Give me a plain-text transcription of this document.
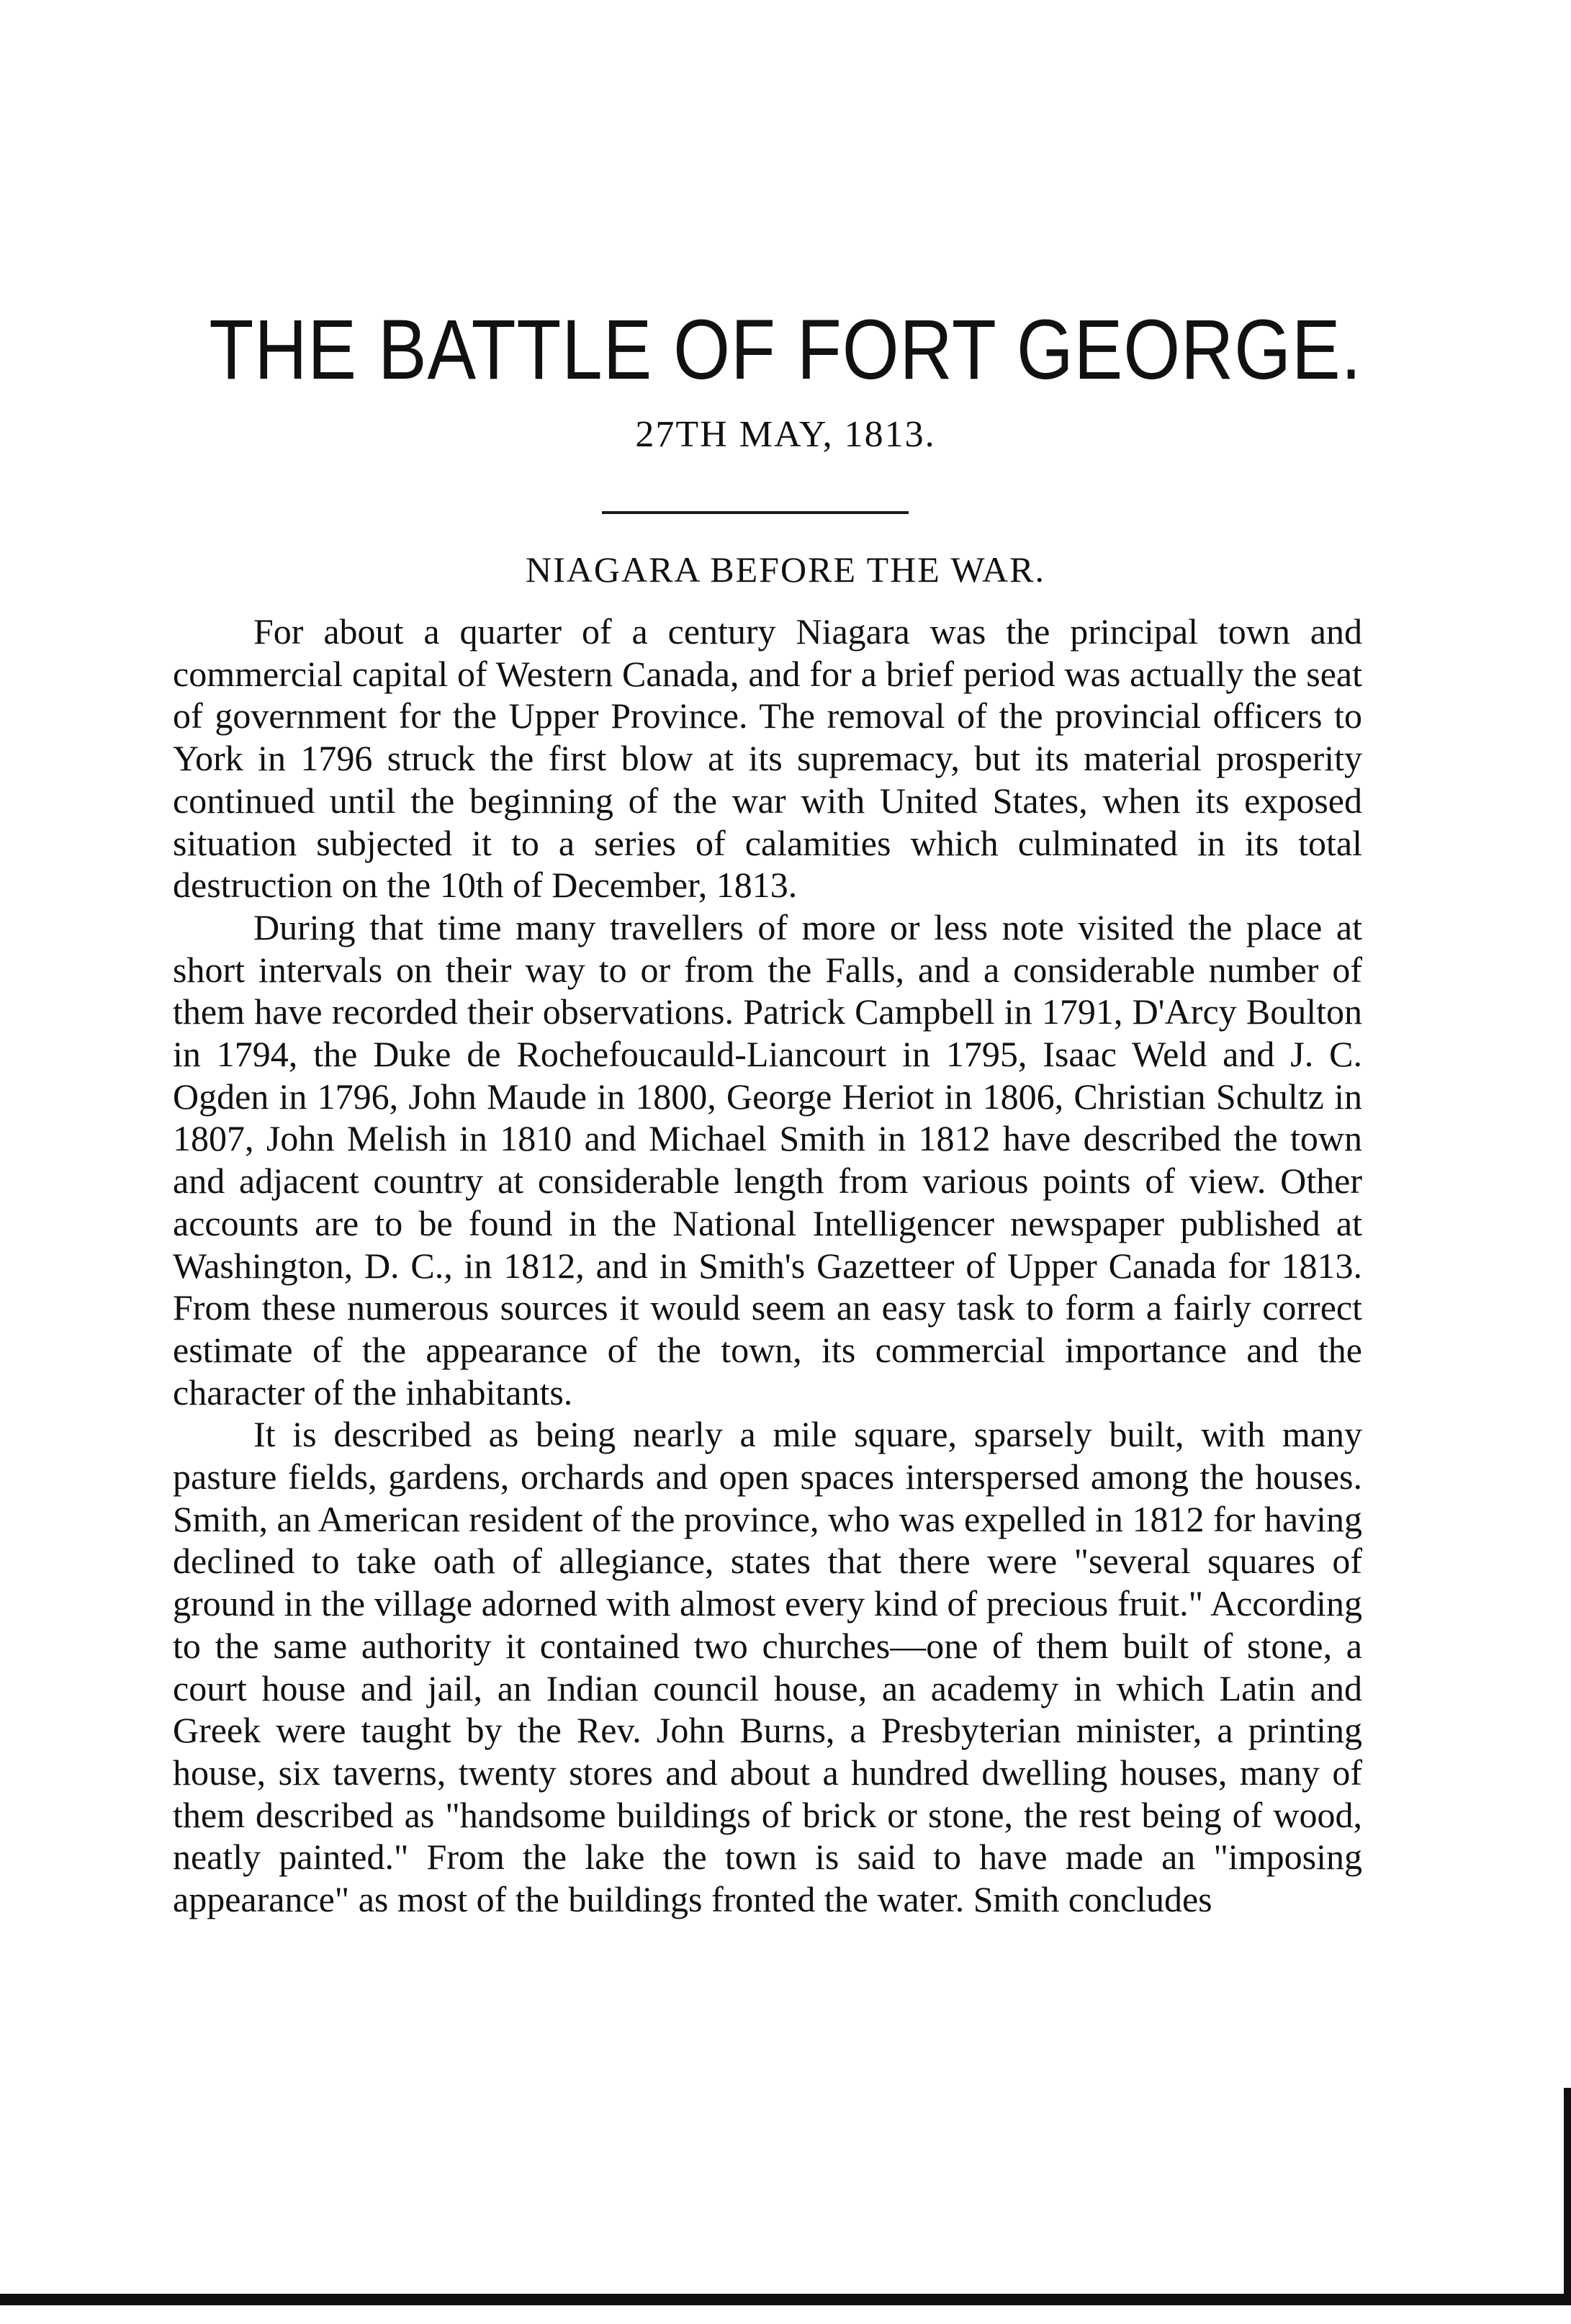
THE BATTLE OF FORT GEORGE.
27TH MAY, 1813.
NIAGARA BEFORE THE WAR.

For about a quarter of a century Niagara was the principal town and commercial capital of Western Canada, and for a brief period was actually the seat of government for the Upper Province. The removal of the provincial officers to York in 1796 struck the first blow at its supremacy, but its material prosperity continued until the beginning of the war with United States, when its exposed situation subjected it to a series of calamities which culminated in its total destruction on the 10th of December, 1813.

During that time many travellers of more or less note visited the place at short intervals on their way to or from the Falls, and a considerable number of them have recorded their observations. Patrick Campbell in 1791, D'Arcy Boulton in 1794, the Duke de Rochefoucauld-Liancourt in 1795, Isaac Weld and J. C. Ogden in 1796, John Maude in 1800, George Heriot in 1806, Christian Schultz in 1807, John Melish in 1810 and Michael Smith in 1812 have described the town and adjacent country at considerable length from various points of view. Other accounts are to be found in the National Intelligencer newspaper published at Washington, D. C., in 1812, and in Smith's Gazetteer of Upper Canada for 1813. From these numerous sources it would seem an easy task to form a fairly correct estimate of the appearance of the town, its commercial importance and the character of the inhabitants.

It is described as being nearly a mile square, sparsely built, with many pasture fields, gardens, orchards and open spaces interspersed among the houses. Smith, an American resident of the province, who was expelled in 1812 for having declined to take oath of allegiance, states that there were "several squares of ground in the village adorned with almost every kind of precious fruit." According to the same authority it contained two churches—one of them built of stone, a court house and jail, an Indian council house, an academy in which Latin and Greek were taught by the Rev. John Burns, a Presbyterian minister, a printing house, six taverns, twenty stores and about a hundred dwelling houses, many of them described as "handsome buildings of brick or stone, the rest being of wood, neatly painted." From the lake the town is said to have made an "imposing appearance" as most of the buildings fronted the water. Smith concludes
